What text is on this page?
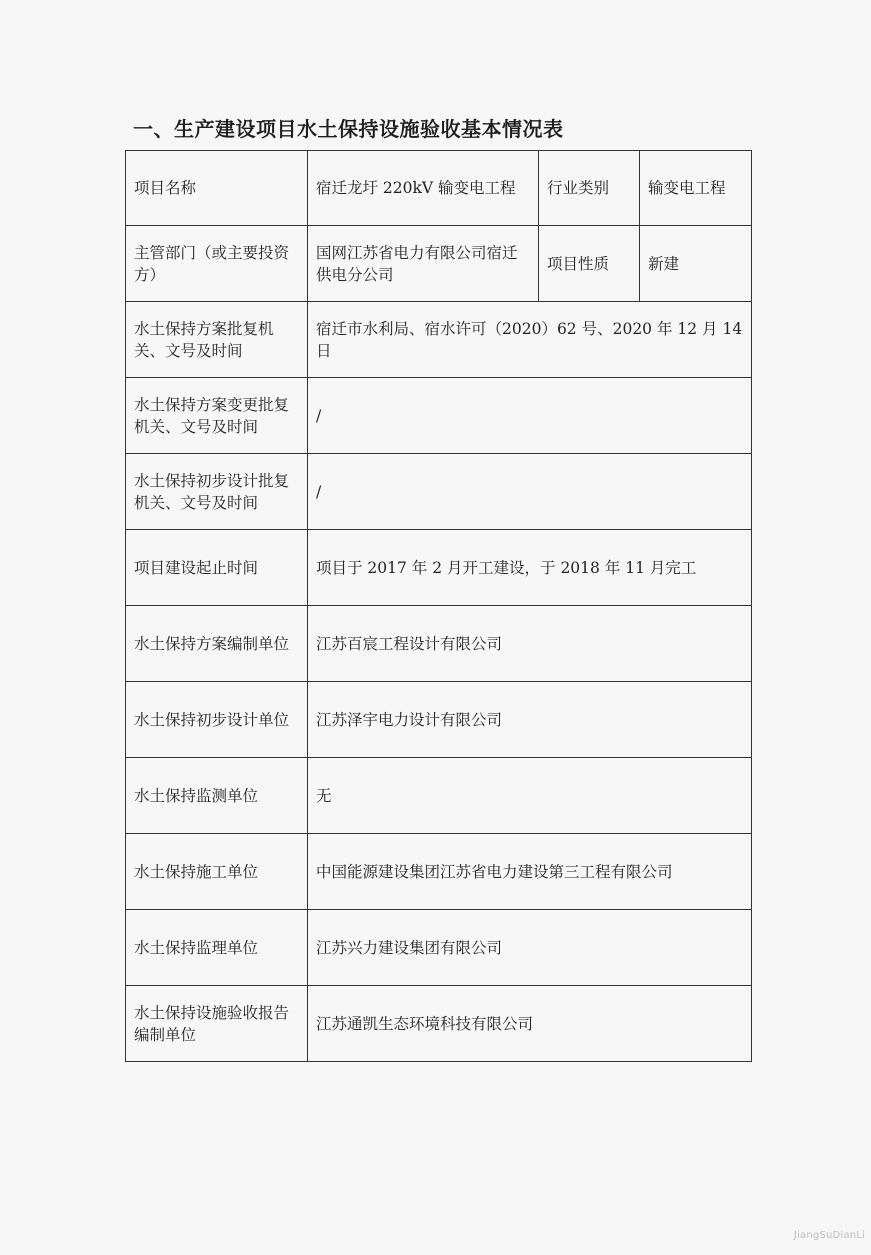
一、生产建设项目水土保持设施验收基本情况表
项目名称	宿迁龙圩 220kV 输变电工程	行业类别	输变电工程
主管部门（或主要投资方）	国网江苏省电力有限公司宿迁供电分公司	项目性质	新建
水土保持方案批复机关、文号及时间	宿迁市水利局、宿水许可（2020）62 号、2020 年 12 月 14 日		
水土保持方案变更批复机关、文号及时间	/		
水土保持初步设计批复机关、文号及时间	/		
项目建设起止时间	项目于 2017 年 2 月开工建设，于 2018 年 11 月完工		
水土保持方案编制单位	江苏百宸工程设计有限公司		
水土保持初步设计单位	江苏泽宇电力设计有限公司		
水土保持监测单位	无		
水土保持施工单位	中国能源建设集团江苏省电力建设第三工程有限公司		
水土保持监理单位	江苏兴力建设集团有限公司		
水土保持设施验收报告编制单位	江苏通凯生态环境科技有限公司		
JiangSuDianLi
